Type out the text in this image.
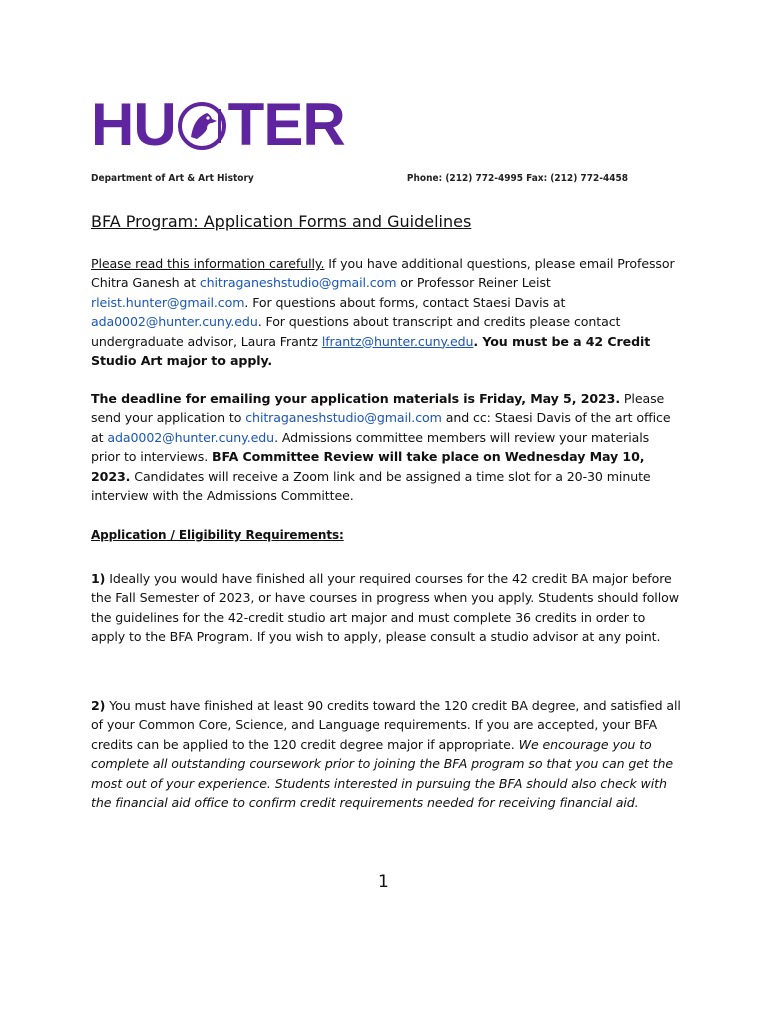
HU TER
Department of Art & Art History	Phone: (212) 772-4995 Fax: (212) 772-4458
BFA Program: Application Forms and Guidelines

Please read this information carefully. If you have additional questions, please email Professor Chitra Ganesh at chitraganeshstudio@gmail.com or Professor Reiner Leist rleist.hunter@gmail.com. For questions about forms, contact Staesi Davis at ada0002@hunter.cuny.edu. For questions about transcript and credits please contact undergraduate advisor, Laura Frantz lfrantz@hunter.cuny.edu. You must be a 42 Credit Studio Art major to apply.

The deadline for emailing your application materials is Friday, May 5, 2023. Please send your application to chitraganeshstudio@gmail.com and cc: Staesi Davis of the art office at ada0002@hunter.cuny.edu. Admissions committee members will review your materials prior to interviews. BFA Committee Review will take place on Wednesday May 10, 2023. Candidates will receive a Zoom link and be assigned a time slot for a 20-30 minute interview with the Admissions Committee.

Application / Eligibility Requirements:

1) Ideally you would have finished all your required courses for the 42 credit BA major before the Fall Semester of 2023, or have courses in progress when you apply. Students should follow the guidelines for the 42-credit studio art major and must complete 36 credits in order to apply to the BFA Program. If you wish to apply, please consult a studio advisor at any point.

2) You must have finished at least 90 credits toward the 120 credit BA degree, and satisfied all of your Common Core, Science, and Language requirements. If you are accepted, your BFA credits can be applied to the 120 credit degree major if appropriate. We encourage you to complete all outstanding coursework prior to joining the BFA program so that you can get the most out of your experience. Students interested in pursuing the BFA should also check with the financial aid office to confirm credit requirements needed for receiving financial aid.

1
